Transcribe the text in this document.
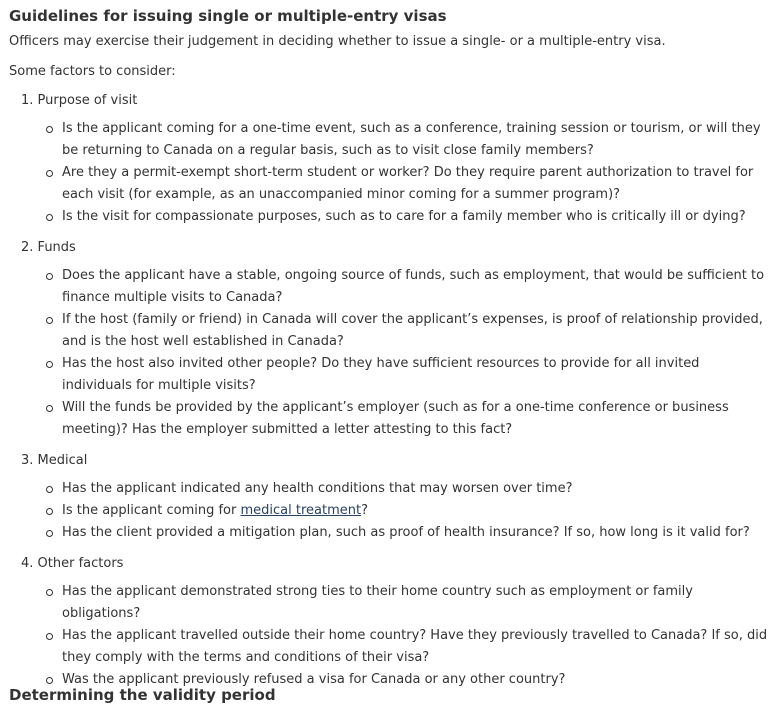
Guidelines for issuing single or multiple-entry visas

Officers may exercise their judgement in deciding whether to issue a single- or a multiple-entry visa.

Some factors to consider:

1. Purpose of visit
Is the applicant coming for a one-time event, such as a conference, training session or tourism, or will they be returning to Canada on a regular basis, such as to visit close family members?
Are they a permit-exempt short-term student or worker? Do they require parent authorization to travel for each visit (for example, as an unaccompanied minor coming for a summer program)?
Is the visit for compassionate purposes, such as to care for a family member who is critically ill or dying?
2. Funds
Does the applicant have a stable, ongoing source of funds, such as employment, that would be sufficient to finance multiple visits to Canada?
If the host (family or friend) in Canada will cover the applicant’s expenses, is proof of relationship provided, and is the host well established in Canada?
Has the host also invited other people? Do they have sufficient resources to provide for all invited individuals for multiple visits?
Will the funds be provided by the applicant’s employer (such as for a one-time conference or business meeting)? Has the employer submitted a letter attesting to this fact?
3. Medical
Has the applicant indicated any health conditions that may worsen over time?
Is the applicant coming for medical treatment?
Has the client provided a mitigation plan, such as proof of health insurance? If so, how long is it valid for?
4. Other factors
Has the applicant demonstrated strong ties to their home country such as employment or family obligations?
Has the applicant travelled outside their home country? Have they previously travelled to Canada? If so, did they comply with the terms and conditions of their visa?
Was the applicant previously refused a visa for Canada or any other country?
Determining the validity period
